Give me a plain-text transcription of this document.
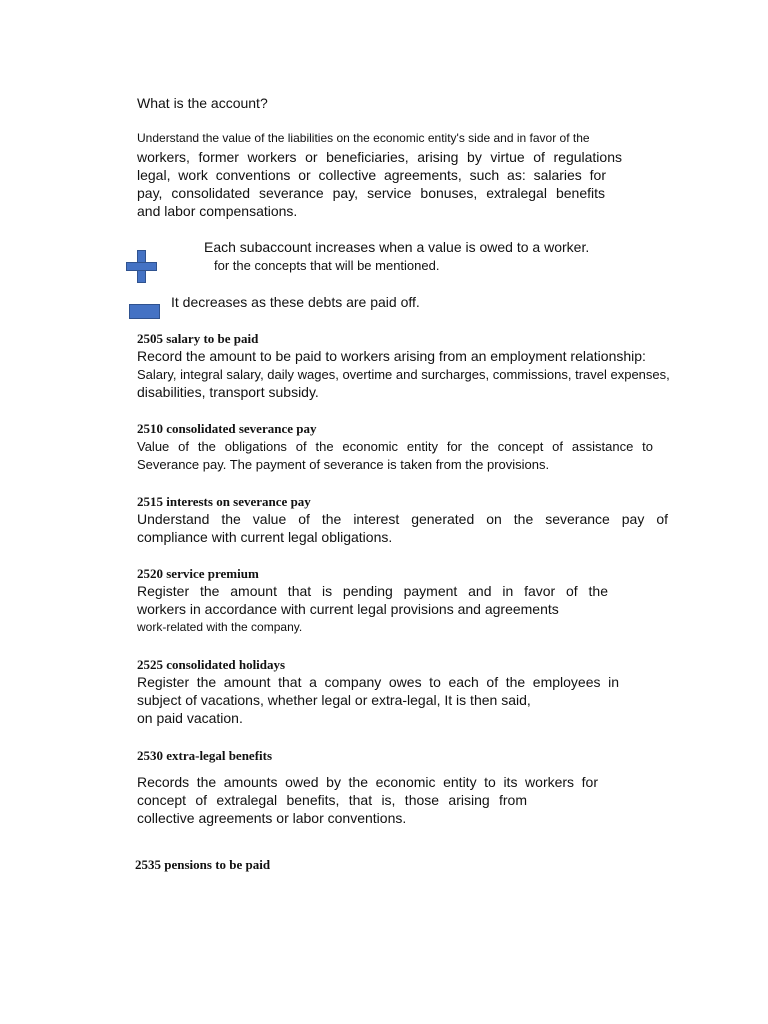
What is the account?
Understand the value of the liabilities on the economic entity's side and in favor of the
workers, former workers or beneficiaries, arising by virtue of regulations
legal, work conventions or collective agreements, such as: salaries for
pay, consolidated severance pay, service bonuses, extralegal benefits
and labor compensations.
Each subaccount increases when a value is owed to a worker.
for the concepts that will be mentioned.
It decreases as these debts are paid off.
2505 salary to be paid
Record the amount to be paid to workers arising from an employment relationship:
Salary, integral salary, daily wages, overtime and surcharges, commissions, travel expenses,
disabilities, transport subsidy.
2510 consolidated severance pay
Value of the obligations of the economic entity for the concept of assistance to
Severance pay. The payment of severance is taken from the provisions.
2515 interests on severance pay
Understand the value of the interest generated on the severance pay of
compliance with current legal obligations.
2520 service premium
Register the amount that is pending payment and in favor of the
workers in accordance with current legal provisions and agreements
work-related with the company.
2525 consolidated holidays
Register the amount that a company owes to each of the employees in
subject of vacations, whether legal or extra-legal, It is then said,
on paid vacation.
2530 extra-legal benefits
Records the amounts owed by the economic entity to its workers for
concept of extralegal benefits, that is, those arising from
collective agreements or labor conventions.
2535 pensions to be paid
